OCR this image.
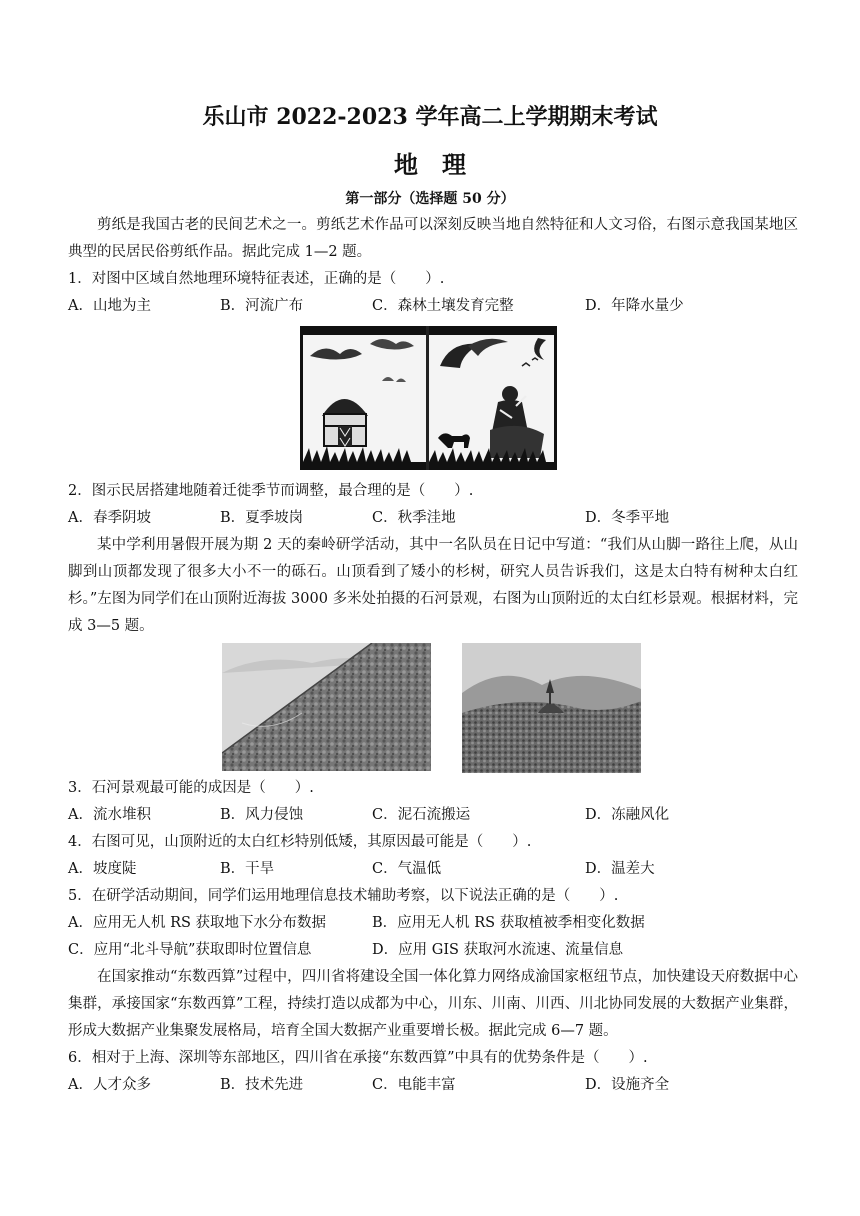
乐山市 2022-2023 学年高二上学期期末考试
地　理
第一部分（选择题 50 分）
剪纸是我国古老的民间艺术之一。剪纸艺术作品可以深刻反映当地自然特征和人文习俗，右图示意我国某地区典型的民居民俗剪纸作品。据此完成 1—2 题。
1．对图中区域自然地理环境特征表述，正确的是（　　）.
A．山地为主	B．河流广布	C．森林土壤发育完整	D．年降水量少
2．图示民居搭建地随着迁徙季节而调整，最合理的是（　　）.
A．春季阴坡	B．夏季坡岗	C．秋季洼地	D．冬季平地
某中学利用暑假开展为期 2 天的秦岭研学活动，其中一名队员在日记中写道：“我们从山脚一路往上爬，从山脚到山顶都发现了很多大小不一的砾石。山顶看到了矮小的杉树，研究人员告诉我们，这是太白特有树种太白红杉。”左图为同学们在山顶附近海拔 3000 多米处拍摄的石河景观，右图为山顶附近的太白红杉景观。根据材料，完成 3—5 题。
3．石河景观最可能的成因是（　　）.
A．流水堆积	B．风力侵蚀	C．泥石流搬运	D．冻融风化
4．右图可见，山顶附近的太白红杉特别低矮，其原因最可能是（　　）.
A．坡度陡	B．干旱	C．气温低	D．温差大
5．在研学活动期间，同学们运用地理信息技术辅助考察，以下说法正确的是（　　）.
A．应用无人机 RS 获取地下水分布数据	B．应用无人机 RS 获取植被季相变化数据
C．应用“北斗导航”获取即时位置信息	D．应用 GIS 获取河水流速、流量信息
在国家推动“东数西算”过程中，四川省将建设全国一体化算力网络成渝国家枢纽节点，加快建设天府数据中心集群，承接国家“东数西算”工程，持续打造以成都为中心，川东、川南、川西、川北协同发展的大数据产业集群，形成大数据产业集聚发展格局，培育全国大数据产业重要增长极。据此完成 6—7 题。
6．相对于上海、深圳等东部地区，四川省在承接“东数西算”中具有的优势条件是（　　）.
A．人才众多	B．技术先进	C．电能丰富	D．设施齐全
